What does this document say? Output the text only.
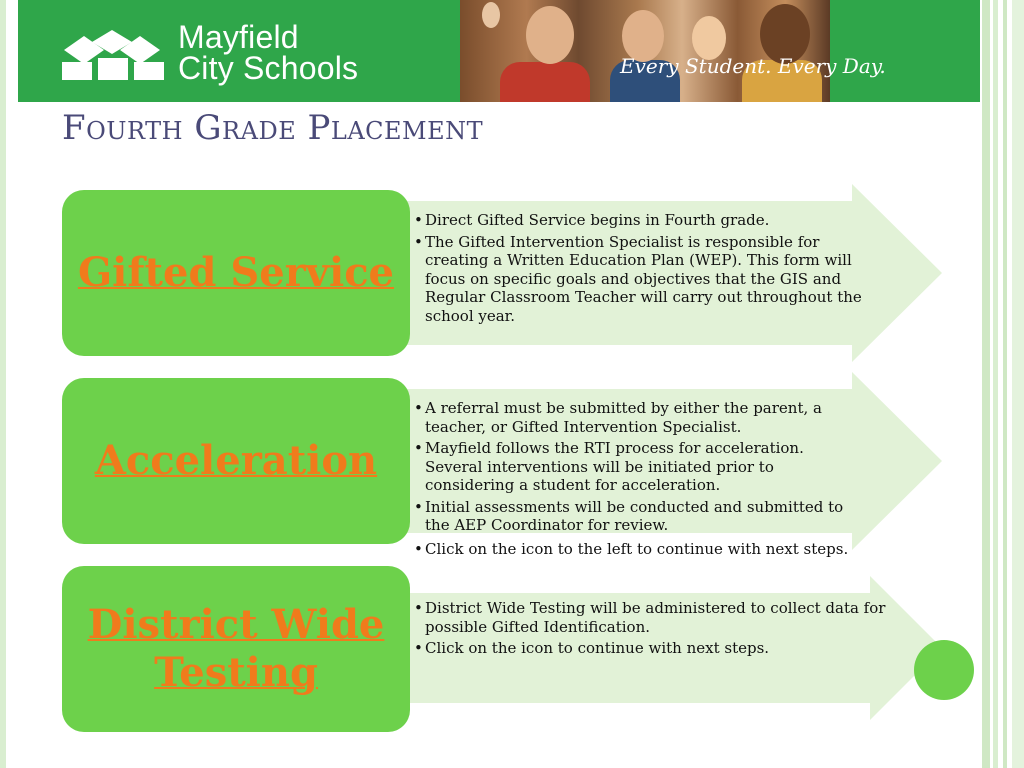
Mayfield
City Schools	Every Student. Every Day.
Fourth Grade Placement
Gifted Service
• Direct Gifted Service begins in Fourth grade.
• The Gifted Intervention Specialist is responsible for creating a Written Education Plan (WEP). This form will focus on specific goals and objectives that the GIS and Regular Classroom Teacher will carry out throughout the school year.
Acceleration
• A referral must be submitted by either the parent, a teacher, or Gifted Intervention Specialist.
• Mayfield follows the RTI process for acceleration. Several interventions will be initiated prior to considering a student for acceleration.
• Initial assessments will be conducted and submitted to the AEP Coordinator for review.
• Click on the icon to the left to continue with next steps.
District Wide Testing
• District Wide Testing will be administered to collect data for possible Gifted Identification.
• Click on the icon to continue with next steps.
